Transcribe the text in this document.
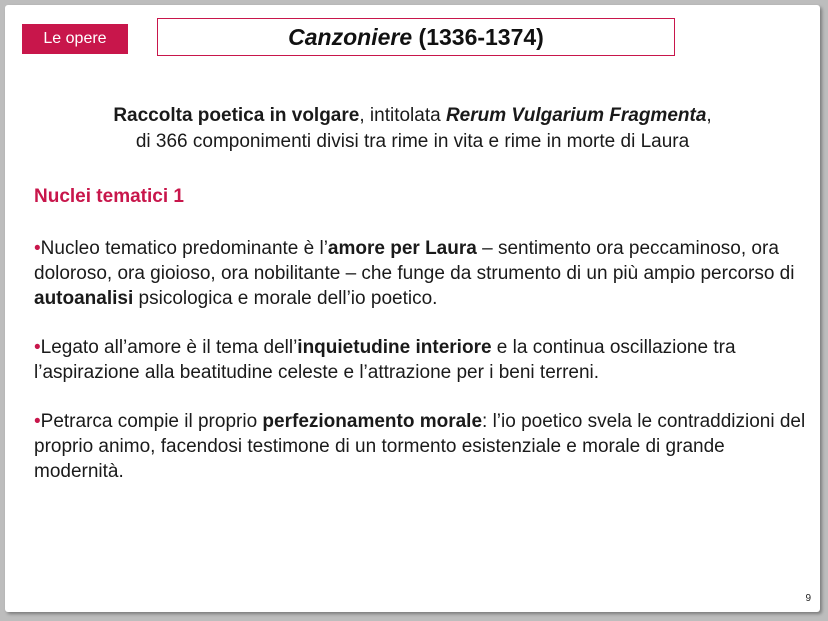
Le opere	Canzoniere (1336-1374)
Raccolta poetica in volgare, intitolata Rerum Vulgarium Fragmenta,
di 366 componimenti divisi tra rime in vita e rime in morte di Laura
Nuclei tematici 1
•Nucleo tematico predominante è l’amore per Laura – sentimento ora peccaminoso, ora doloroso, ora gioioso, ora nobilitante – che funge da strumento di un più ampio percorso di autoanalisi psicologica e morale dell’io poetico.
•Legato all’amore è il tema dell’inquietudine interiore e la continua oscillazione tra l’aspirazione alla beatitudine celeste e l’attrazione per i beni terreni.
•Petrarca compie il proprio perfezionamento morale: l’io poetico svela le contraddizioni del proprio animo, facendosi testimone di un tormento esistenziale e morale di grande modernità.
9
